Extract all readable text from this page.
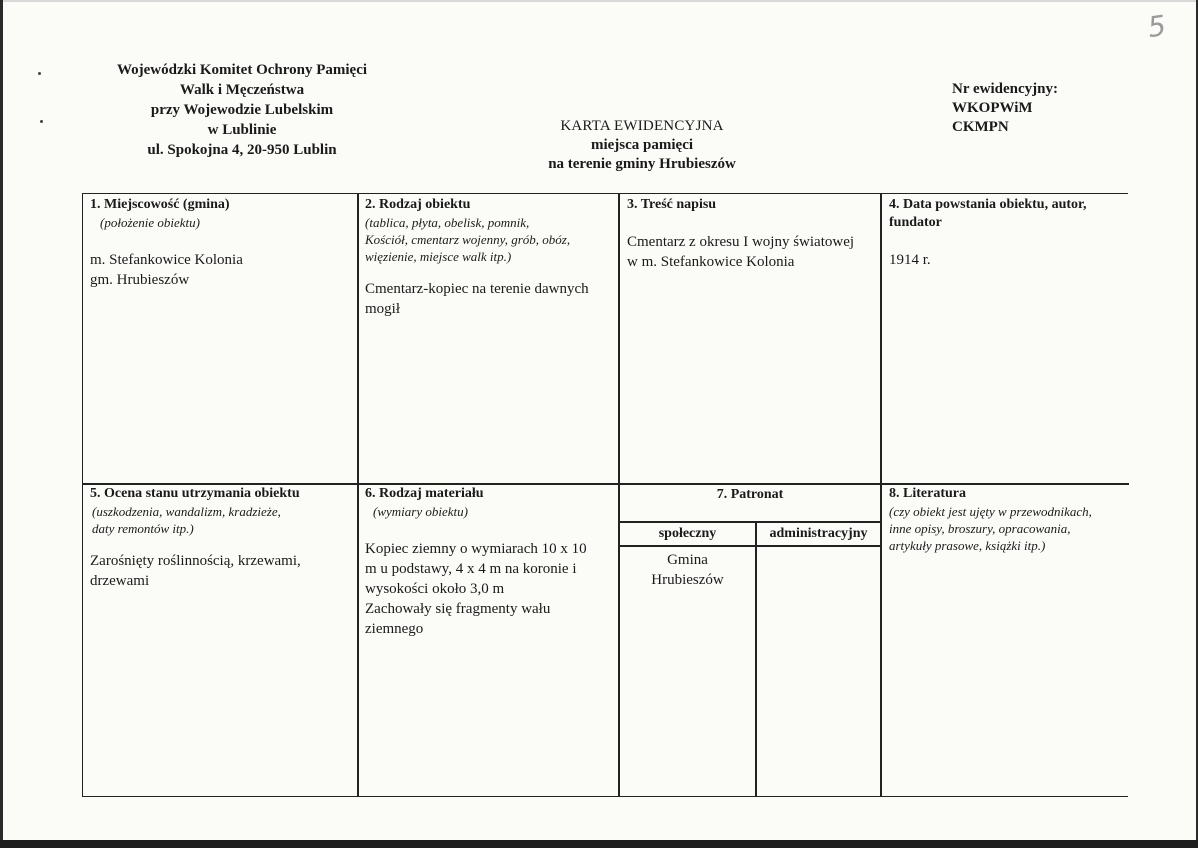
5
Wojewódzki Komitet Ochrony Pamięci
Walk i Męczeństwa
przy Wojewodzie Lubelskim
w Lublinie
ul. Spokojna 4, 20-950 Lublin
KARTA EWIDENCYJNA
miejsca pamięci
na terenie gminy Hrubieszów
Nr ewidencyjny:
WKOPWiM
CKMPN
1. Miejscowość (gmina)
(położenie obiektu)
m. Stefankowice Kolonia
gm. Hrubieszów
2. Rodzaj obiektu
(tablica, płyta, obelisk, pomnik,
Kościół, cmentarz wojenny, grób, obóz,
więzienie, miejsce walk itp.)
Cmentarz-kopiec na terenie dawnych
mogił
3. Treść napisu
Cmentarz z okresu I wojny światowej
w m. Stefankowice Kolonia
4. Data powstania obiektu, autor,
fundator
1914 r.
5. Ocena stanu utrzymania obiektu
(uszkodzenia, wandalizm, kradzieże,
daty remontów itp.)
Zarośnięty roślinnością, krzewami,
drzewami
6. Rodzaj materiału
(wymiary obiektu)
Kopiec ziemny o wymiarach 10 x 10
m u podstawy, 4 x 4 m na koronie i
wysokości około 3,0 m
Zachowały się fragmenty wału
ziemnego
7. Patronat
społeczny	administracyjny
Gmina
Hrubieszów
8. Literatura
(czy obiekt jest ujęty w przewodnikach,
inne opisy, broszury, opracowania,
artykuły prasowe, książki itp.)
